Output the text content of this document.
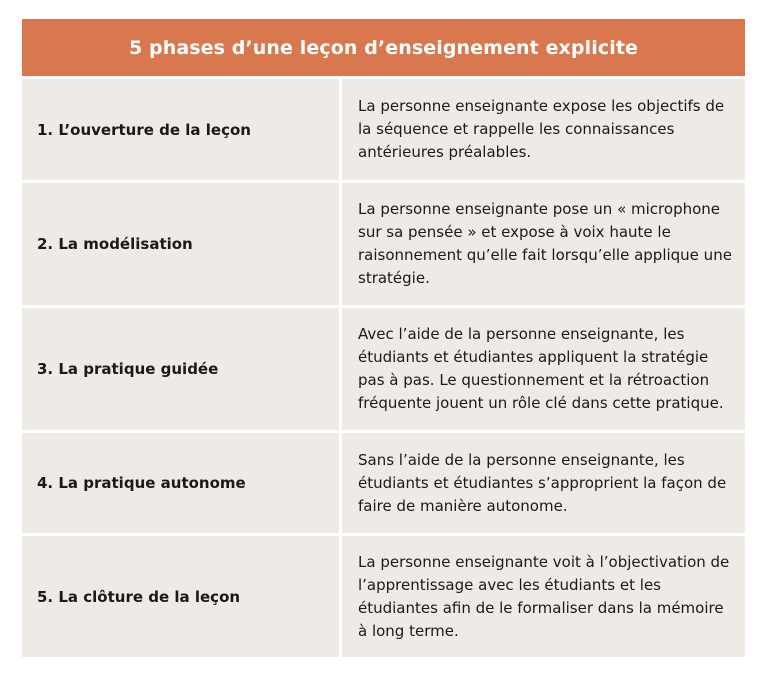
5 phases d’une leçon d’enseignement explicite
1. L’ouverture de la leçon
La personne enseignante expose les objectifs de la séquence et rappelle les connaissances antérieures préalables.
2. La modélisation
La personne enseignante pose un « microphone sur sa pensée » et expose à voix haute le raisonnement qu’elle fait lorsqu’elle applique une stratégie.
3. La pratique guidée
Avec l’aide de la personne enseignante, les étudiants et étudiantes appliquent la stratégie pas à pas. Le questionnement et la rétroaction fréquente jouent un rôle clé dans cette pratique.
4. La pratique autonome
Sans l’aide de la personne enseignante, les étudiants et étudiantes s’approprient la façon de faire de manière autonome.
5. La clôture de la leçon
La personne enseignante voit à l’objectivation de l’apprentissage avec les étudiants et les étudiantes afin de le formaliser dans la mémoire à long terme.
